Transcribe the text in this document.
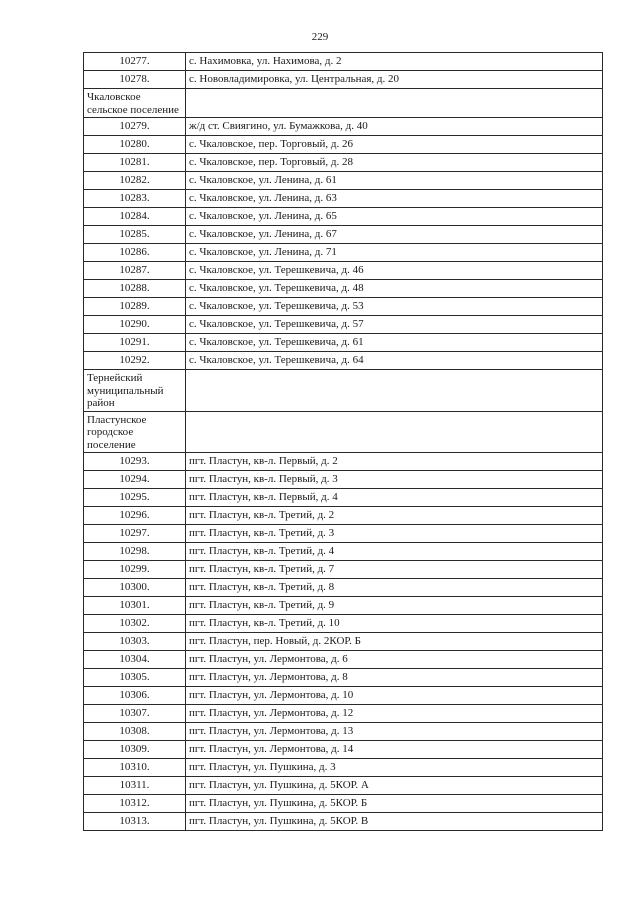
229
10277.	с. Нахимовка, ул. Нахимова, д. 2
10278.	с. Нововладимировка, ул. Центральная, д. 20
Чкаловское сельское поселение	
10279.	ж/д ст. Свиягино, ул. Бумажкова, д. 40
10280.	с. Чкаловское, пер. Торговый, д. 26
10281.	с. Чкаловское, пер. Торговый, д. 28
10282.	с. Чкаловское, ул. Ленина, д. 61
10283.	с. Чкаловское, ул. Ленина, д. 63
10284.	с. Чкаловское, ул. Ленина, д. 65
10285.	с. Чкаловское, ул. Ленина, д. 67
10286.	с. Чкаловское, ул. Ленина, д. 71
10287.	с. Чкаловское, ул. Терешкевича, д. 46
10288.	с. Чкаловское, ул. Терешкевича, д. 48
10289.	с. Чкаловское, ул. Терешкевича, д. 53
10290.	с. Чкаловское, ул. Терешкевича, д. 57
10291.	с. Чкаловское, ул. Терешкевича, д. 61
10292.	с. Чкаловское, ул. Терешкевича, д. 64
Тернейский муниципальный район	
Пластунское городское поселение	
10293.	пгт. Пластун, кв-л. Первый, д. 2
10294.	пгт. Пластун, кв-л. Первый, д. 3
10295.	пгт. Пластун, кв-л. Первый, д. 4
10296.	пгт. Пластун, кв-л. Третий, д. 2
10297.	пгт. Пластун, кв-л. Третий, д. 3
10298.	пгт. Пластун, кв-л. Третий, д. 4
10299.	пгт. Пластун, кв-л. Третий, д. 7
10300.	пгт. Пластун, кв-л. Третий, д. 8
10301.	пгт. Пластун, кв-л. Третий, д. 9
10302.	пгт. Пластун, кв-л. Третий, д. 10
10303.	пгт. Пластун, пер. Новый, д. 2КОР. Б
10304.	пгт. Пластун, ул. Лермонтова, д. 6
10305.	пгт. Пластун, ул. Лермонтова, д. 8
10306.	пгт. Пластун, ул. Лермонтова, д. 10
10307.	пгт. Пластун, ул. Лермонтова, д. 12
10308.	пгт. Пластун, ул. Лермонтова, д. 13
10309.	пгт. Пластун, ул. Лермонтова, д. 14
10310.	пгт. Пластун, ул. Пушкина, д. 3
10311.	пгт. Пластун, ул. Пушкина, д. 5КОР. А
10312.	пгт. Пластун, ул. Пушкина, д. 5КОР. Б
10313.	пгт. Пластун, ул. Пушкина, д. 5КОР. В
